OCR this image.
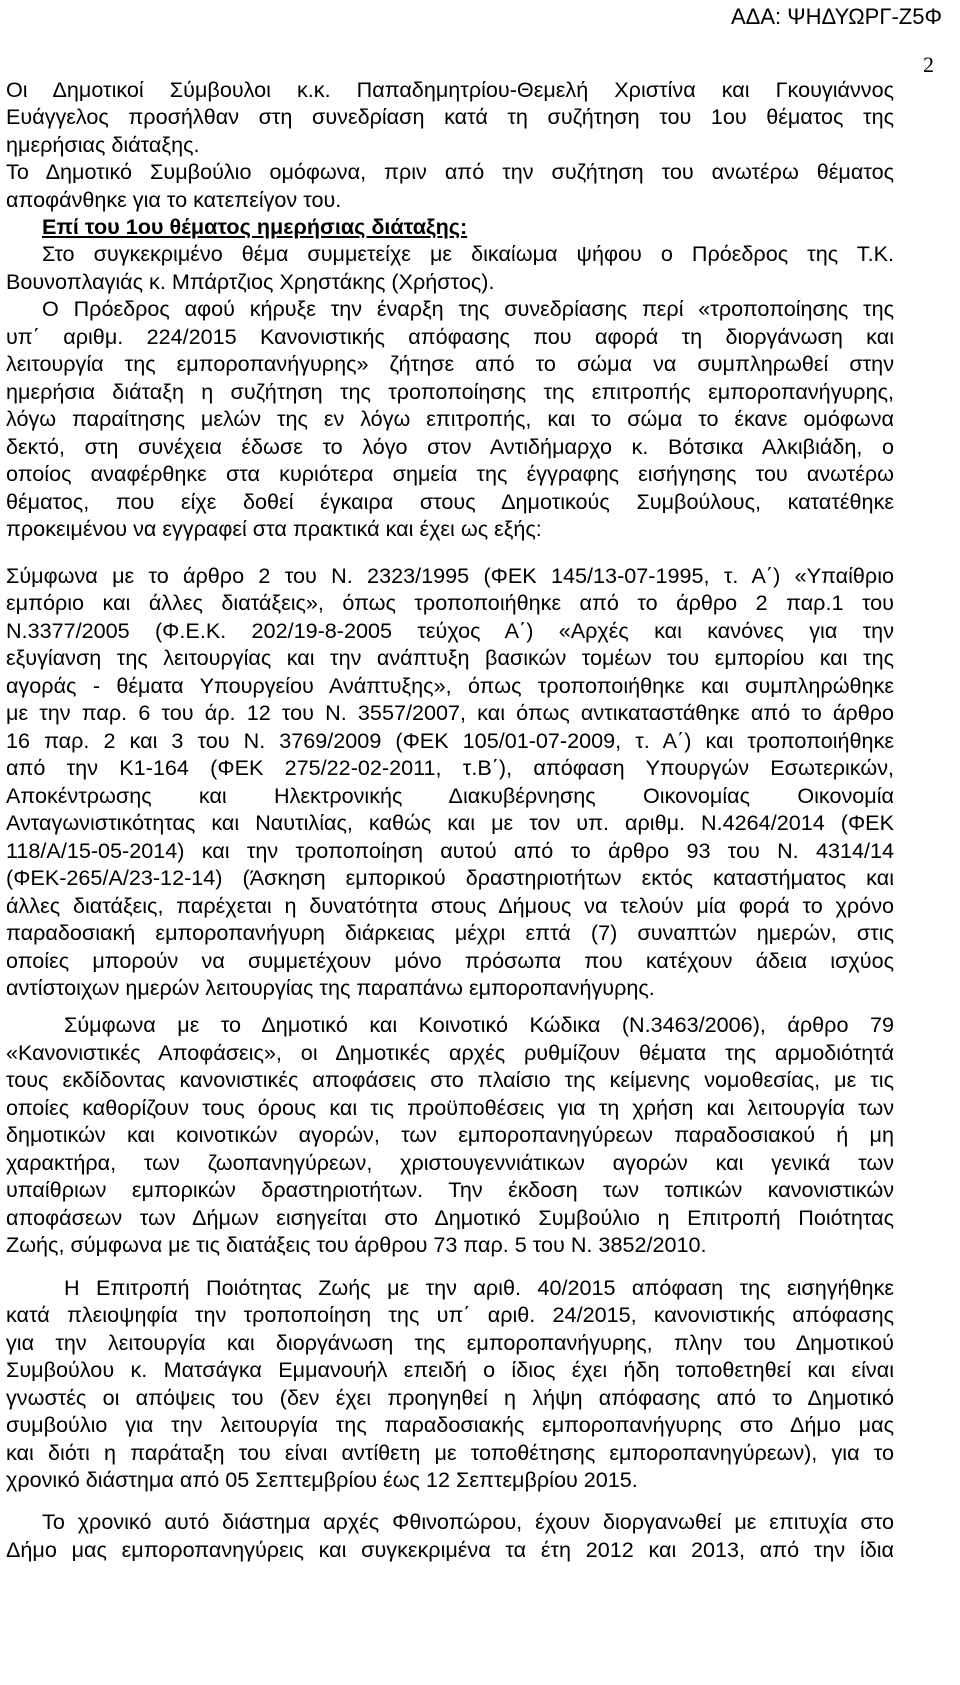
ΑΔΑ: ΨΗΔΥΩΡΓ-Ζ5Φ
2
Οι Δημοτικοί Σύμβουλοι κ.κ. Παπαδημητρίου-Θεμελή Χριστίνα και Γκουγιάννος
Ευάγγελος προσήλθαν στη συνεδρίαση κατά τη συζήτηση του 1ου θέματος της
ημερήσιας διάταξης.
Το Δημοτικό Συμβούλιο ομόφωνα, πριν από την συζήτηση του ανωτέρω θέματος
αποφάνθηκε για το κατεπείγον του.
Επί του 1ου θέματος ημερήσιας διάταξης:
Στο συγκεκριμένο θέμα συμμετείχε με δικαίωμα ψήφου ο Πρόεδρος της Τ.Κ.
Βουνοπλαγιάς κ. Μπάρτζιος Χρηστάκης (Χρήστος).
Ο Πρόεδρος αφού κήρυξε την έναρξη της συνεδρίασης περί «τροποποίησης της
υπ΄ αριθμ. 224/2015 Κανονιστικής απόφασης που αφορά τη διοργάνωση και
λειτουργία της εμποροπανήγυρης» ζήτησε από το σώμα να συμπληρωθεί στην
ημερήσια διάταξη η συζήτηση της τροποποίησης της επιτροπής εμποροπανήγυρης,
λόγω παραίτησης μελών της εν λόγω επιτροπής, και το σώμα το έκανε ομόφωνα
δεκτό, στη συνέχεια έδωσε το λόγο στον Αντιδήμαρχο κ. Βότσικα Αλκιβιάδη, ο
οποίος αναφέρθηκε στα κυριότερα σημεία της έγγραφης εισήγησης του ανωτέρω
θέματος, που είχε δοθεί έγκαιρα στους Δημοτικούς Συμβούλους, κατατέθηκε
προκειμένου να εγγραφεί στα πρακτικά και έχει ως εξής:
Σύμφωνα με το άρθρο 2 του Ν. 2323/1995 (ΦΕΚ 145/13-07-1995, τ. Α΄) «Υπαίθριο
εμπόριο και άλλες διατάξεις», όπως τροποποιήθηκε από το άρθρο 2 παρ.1 του
Ν.3377/2005 (Φ.Ε.Κ. 202/19-8-2005 τεύχος Α΄) «Αρχές και κανόνες για την
εξυγίανση της λειτουργίας και την ανάπτυξη βασικών τομέων του εμπορίου και της
αγοράς - θέματα Υπουργείου Ανάπτυξης», όπως τροποποιήθηκε και συμπληρώθηκε
με την παρ. 6 του άρ. 12 του Ν. 3557/2007, και όπως αντικαταστάθηκε από το άρθρο
16 παρ. 2 και 3 του Ν. 3769/2009 (ΦΕΚ 105/01-07-2009, τ. Α΄) και τροποποιήθηκε
από την Κ1-164 (ΦΕΚ 275/22-02-2011, τ.Β΄), απόφαση Υπουργών Εσωτερικών,
Αποκέντρωσης και Ηλεκτρονικής Διακυβέρνησης Οικονομίας Οικονομία
Ανταγωνιστικότητας και Ναυτιλίας, καθώς και με τον υπ. αριθμ. Ν.4264/2014 (ΦΕΚ
118/Α/15-05-2014) και την τροποποίηση αυτού από το άρθρο 93 του Ν. 4314/14
(ΦΕΚ-265/Α/23-12-14) (Άσκηση εμπορικού δραστηριοτήτων εκτός καταστήματος και
άλλες διατάξεις, παρέχεται η δυνατότητα στους Δήμους να τελούν μία φορά το χρόνο
παραδοσιακή εμποροπανήγυρη διάρκειας μέχρι επτά (7) συναπτών ημερών, στις
οποίες μπορούν να συμμετέχουν μόνο πρόσωπα που κατέχουν άδεια ισχύος
αντίστοιχων ημερών λειτουργίας της παραπάνω εμποροπανήγυρης.
Σύμφωνα με το Δημοτικό και Κοινοτικό Κώδικα (Ν.3463/2006), άρθρο 79
«Κανονιστικές Αποφάσεις», οι Δημοτικές αρχές ρυθμίζουν θέματα της αρμοδιότητά
τους εκδίδοντας κανονιστικές αποφάσεις στο πλαίσιο της κείμενης νομοθεσίας, με τις
οποίες καθορίζουν τους όρους και τις προϋποθέσεις για τη χρήση και λειτουργία των
δημοτικών και κοινοτικών αγορών, των εμποροπανηγύρεων παραδοσιακού ή μη
χαρακτήρα, των ζωοπανηγύρεων, χριστουγεννιάτικων αγορών και γενικά των
υπαίθριων εμπορικών δραστηριοτήτων. Την έκδοση των τοπικών κανονιστικών
αποφάσεων των Δήμων εισηγείται στο Δημοτικό Συμβούλιο η Επιτροπή Ποιότητας
Ζωής, σύμφωνα με τις διατάξεις του άρθρου 73 παρ. 5 του Ν. 3852/2010.
Η Επιτροπή Ποιότητας Ζωής με την αριθ. 40/2015 απόφαση της εισηγήθηκε
κατά πλειοψηφία την τροποποίηση της υπ΄ αριθ. 24/2015, κανονιστικής απόφασης
για την λειτουργία και διοργάνωση της εμποροπανήγυρης, πλην του Δημοτικού
Συμβούλου κ. Ματσάγκα Εμμανουήλ επειδή ο ίδιος έχει ήδη τοποθετηθεί και είναι
γνωστές οι απόψεις του (δεν έχει προηγηθεί η λήψη απόφασης από το Δημοτικό
συμβούλιο για την λειτουργία της παραδοσιακής εμποροπανήγυρης στο Δήμο μας
και διότι η παράταξη του είναι αντίθετη με τοποθέτησης εμποροπανηγύρεων), για το
χρονικό διάστημα από 05 Σεπτεμβρίου έως 12 Σεπτεμβρίου 2015.
Το χρονικό αυτό διάστημα αρχές Φθινοπώρου, έχουν διοργανωθεί με επιτυχία στο
Δήμο μας εμποροπανηγύρεις και συγκεκριμένα τα έτη 2012 και 2013, από την ίδια
